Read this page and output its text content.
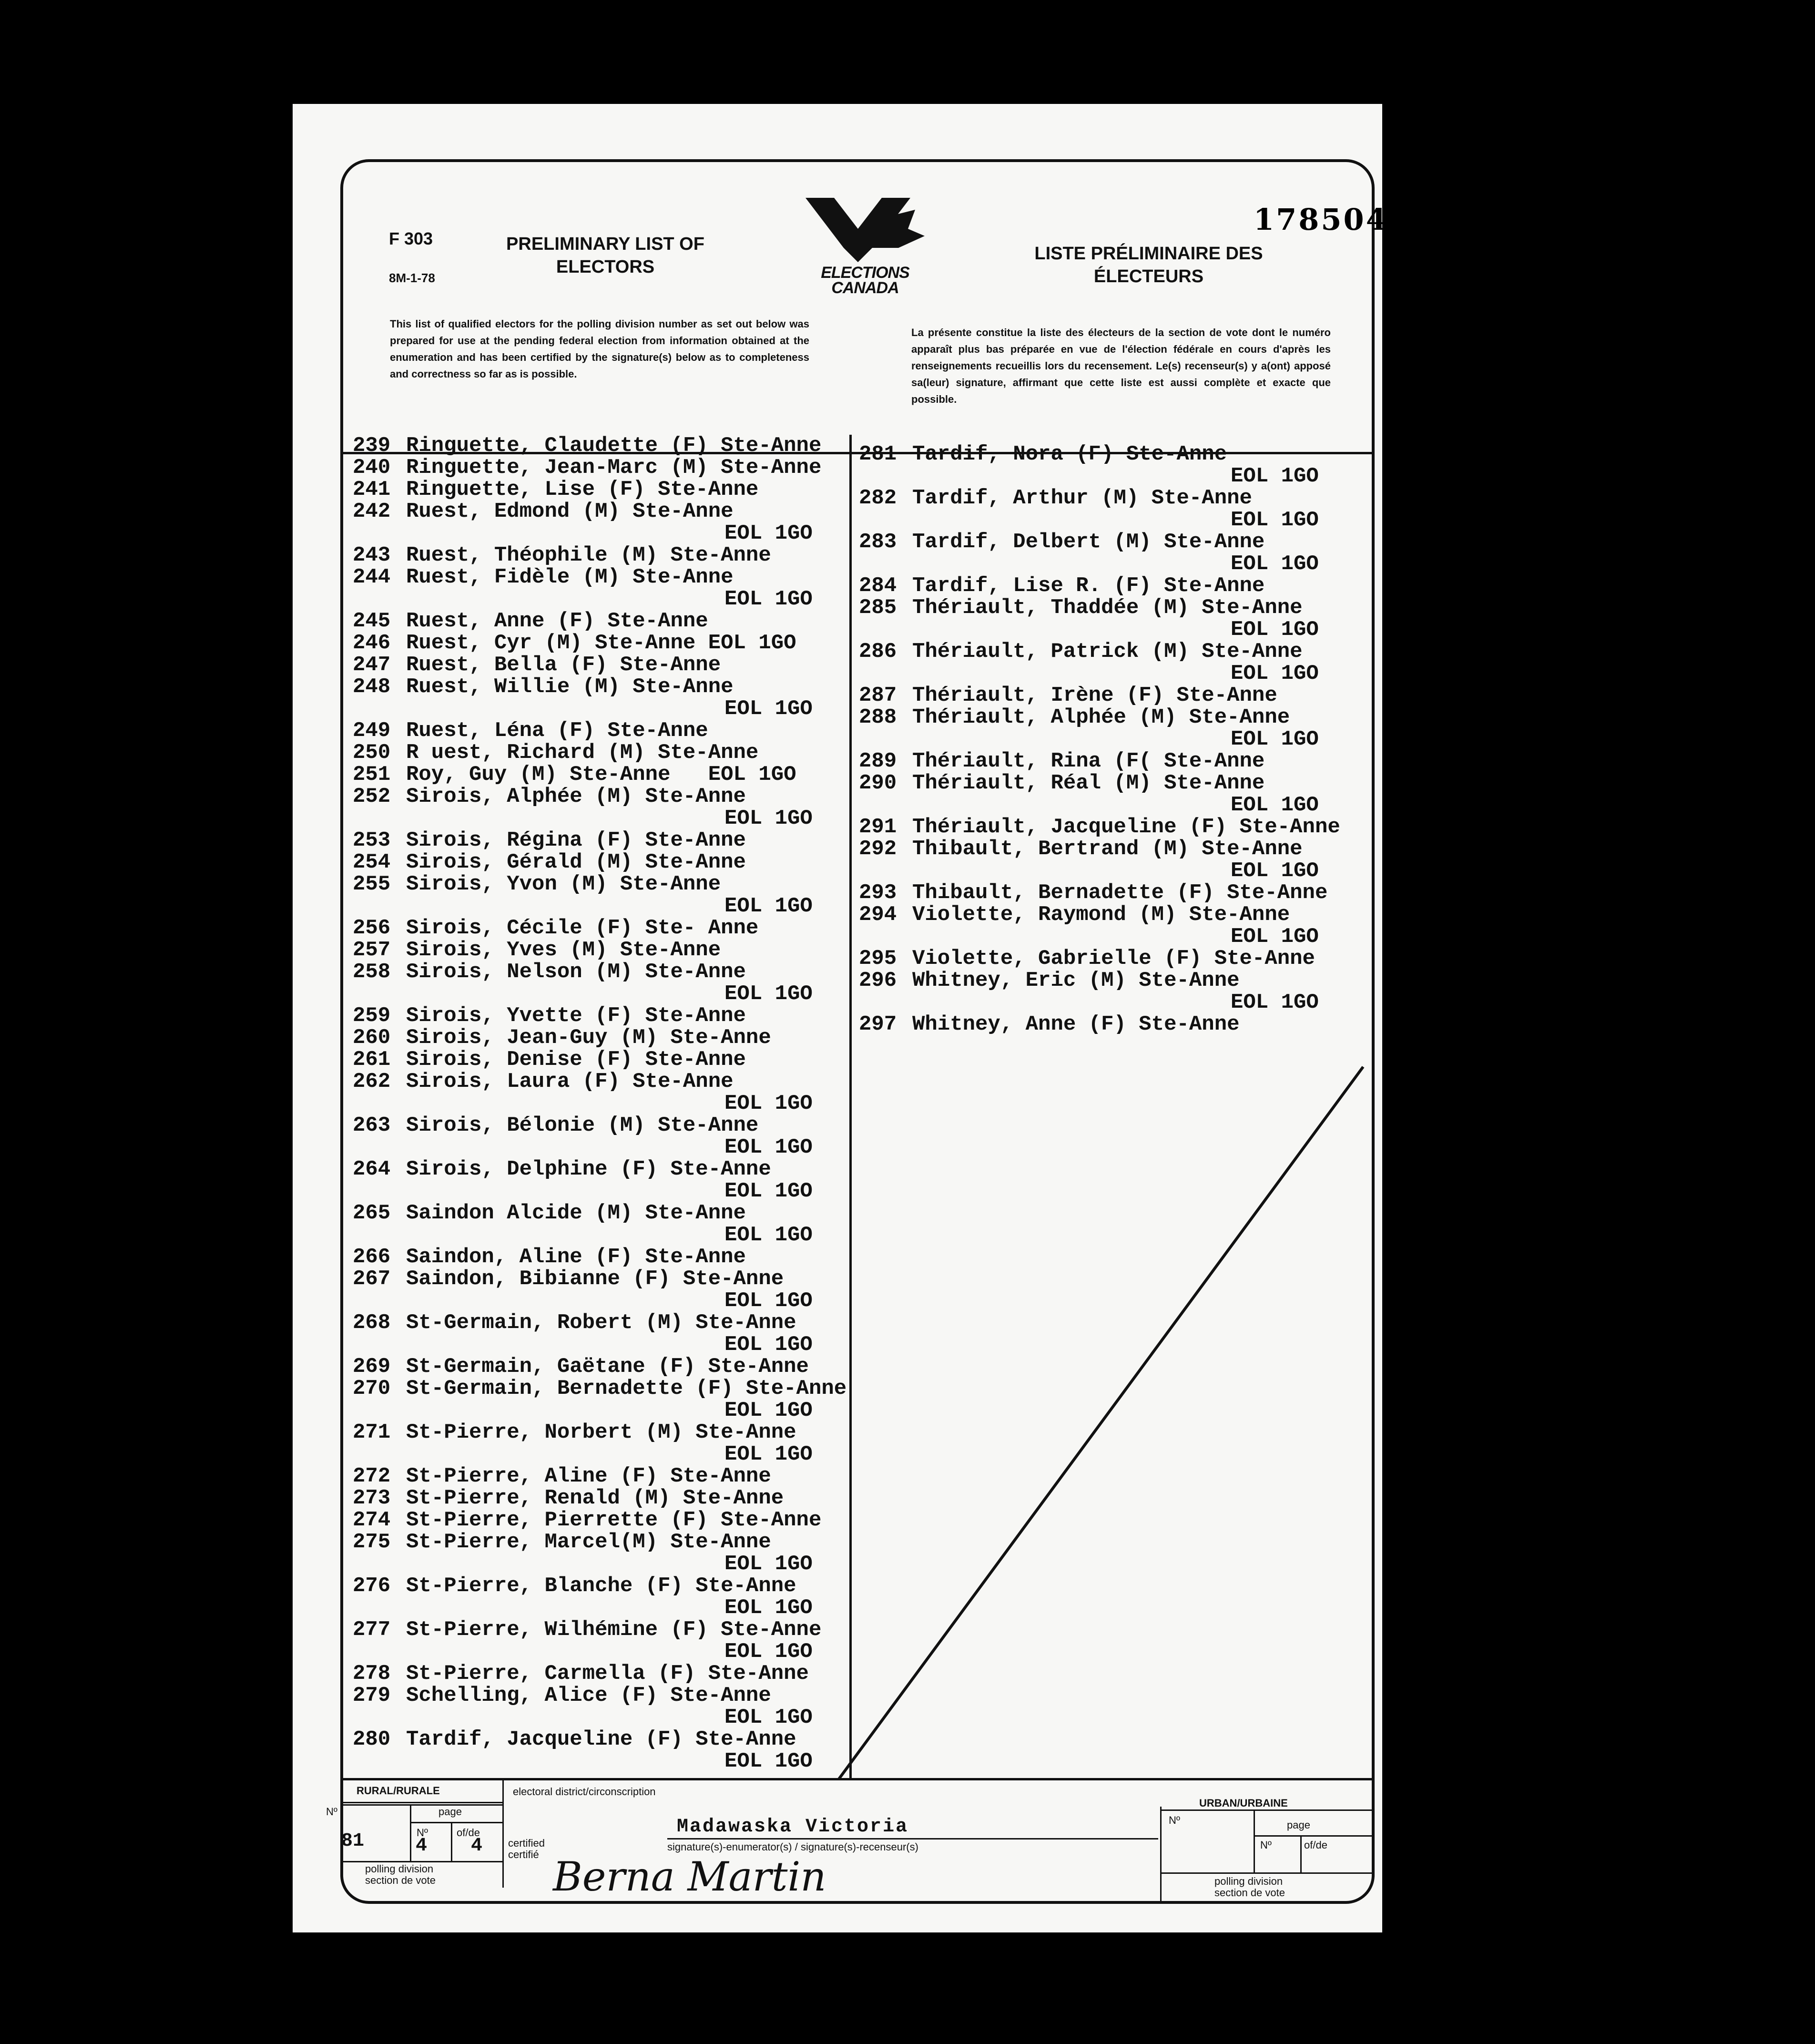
F 303
8M-1-78
PRELIMINARY LIST OF ELECTORS	ELECTIONS CANADA
178504
LISTE PRÉLIMINAIRE DES ÉLECTEURS
This list of qualified electors for the polling division number as set out below was prepared for use at the pending federal election from information obtained at the enumeration and has been certified by the signature(s) below as to completeness and correctness so far as is possible.
La présente constitue la liste des électeurs de la section de vote dont le numéro apparaît plus bas préparée en vue de l'élection fédérale en cours d'après les renseignements recueillis lors du recensement. Le(s) recenseur(s) y a(ont) apposé sa(leur) signature, affirmant que cette liste est aussi complète et exacte que possible.
239 Ringuette, Claudette (F) Ste-Anne
240 Ringuette, Jean-Marc (M) Ste-Anne
241 Ringuette, Lise (F) Ste-Anne
242 Ruest, Edmond (M) Ste-Anne
EOL 1GO
243 Ruest, Théophile (M) Ste-Anne
244 Ruest, Fidèle (M) Ste-Anne
EOL 1GO
245 Ruest, Anne (F) Ste-Anne
246 Ruest, Cyr (M) Ste-Anne EOL 1GO
247 Ruest, Bella (F) Ste-Anne
248 Ruest, Willie (M) Ste-Anne
EOL 1GO
249 Ruest, Léna (F) Ste-Anne
250 R uest, Richard (M) Ste-Anne
251 Roy, Guy (M) Ste-Anne   EOL 1GO
252 Sirois, Alphée (M) Ste-Anne
EOL 1GO
253 Sirois, Régina (F) Ste-Anne
254 Sirois, Gérald (M) Ste-Anne
255 Sirois, Yvon (M) Ste-Anne
EOL 1GO
256 Sirois, Cécile (F) Ste- Anne
257 Sirois, Yves (M) Ste-Anne
258 Sirois, Nelson (M) Ste-Anne
EOL 1GO
259 Sirois, Yvette (F) Ste-Anne
260 Sirois, Jean-Guy (M) Ste-Anne
261 Sirois, Denise (F) Ste-Anne
262 Sirois, Laura (F) Ste-Anne
EOL 1GO
263 Sirois, Bélonie (M) Ste-Anne
EOL 1GO
264 Sirois, Delphine (F) Ste-Anne
EOL 1GO
265 Saindon Alcide (M) Ste-Anne
EOL 1GO
266 Saindon, Aline (F) Ste-Anne
267 Saindon, Bibianne (F) Ste-Anne
EOL 1GO
268 St-Germain, Robert (M) Ste-Anne
EOL 1GO
269 St-Germain, Gaëtane (F) Ste-Anne
270 St-Germain, Bernadette (F) Ste-Anne
EOL 1GO
271 St-Pierre, Norbert (M) Ste-Anne
EOL 1GO
272 St-Pierre, Aline (F) Ste-Anne
273 St-Pierre, Renald (M) Ste-Anne
274 St-Pierre, Pierrette (F) Ste-Anne
275 St-Pierre, Marcel(M) Ste-Anne
EOL 1GO
276 St-Pierre, Blanche (F) Ste-Anne
EOL 1GO
277 St-Pierre, Wilhémine (F) Ste-Anne
EOL 1GO
278 St-Pierre, Carmella (F) Ste-Anne
279 Schelling, Alice (F) Ste-Anne
EOL 1GO
280 Tardif, Jacqueline (F) Ste-Anne
EOL 1GO
281 Tardif, Nora (F) Ste-Anne
EOL 1GO
282 Tardif, Arthur (M) Ste-Anne
EOL 1GO
283 Tardif, Delbert (M) Ste-Anne
EOL 1GO
284 Tardif, Lise R. (F) Ste-Anne
285 Thériault, Thaddée (M) Ste-Anne
EOL 1GO
286 Thériault, Patrick (M) Ste-Anne
EOL 1GO
287 Thériault, Irène (F) Ste-Anne
288 Thériault, Alphée (M) Ste-Anne
EOL 1GO
289 Thériault, Rina (F( Ste-Anne
290 Thériault, Réal (M) Ste-Anne
EOL 1GO
291 Thériault, Jacqueline (F) Ste-Anne
292 Thibault, Bertrand (M) Ste-Anne
EOL 1GO
293 Thibault, Bernadette (F) Ste-Anne
294 Violette, Raymond (M) Ste-Anne
EOL 1GO
295 Violette, Gabrielle (F) Ste-Anne
296 Whitney, Eric (M) Ste-Anne
EOL 1GO
297 Whitney, Anne (F) Ste-Anne
RURAL/RURALE	electoral district/circonscription
URBAN/URBAINE
Nº	page
Nº	of/de
81	4 4
polling division
section de vote
certified
certifié
Madawaska Victoria
signature(s)-enumerator(s) / signature(s)-recenseur(s)
Berna Martin
Nº	page
Nº	of/de
polling division
section de vote
